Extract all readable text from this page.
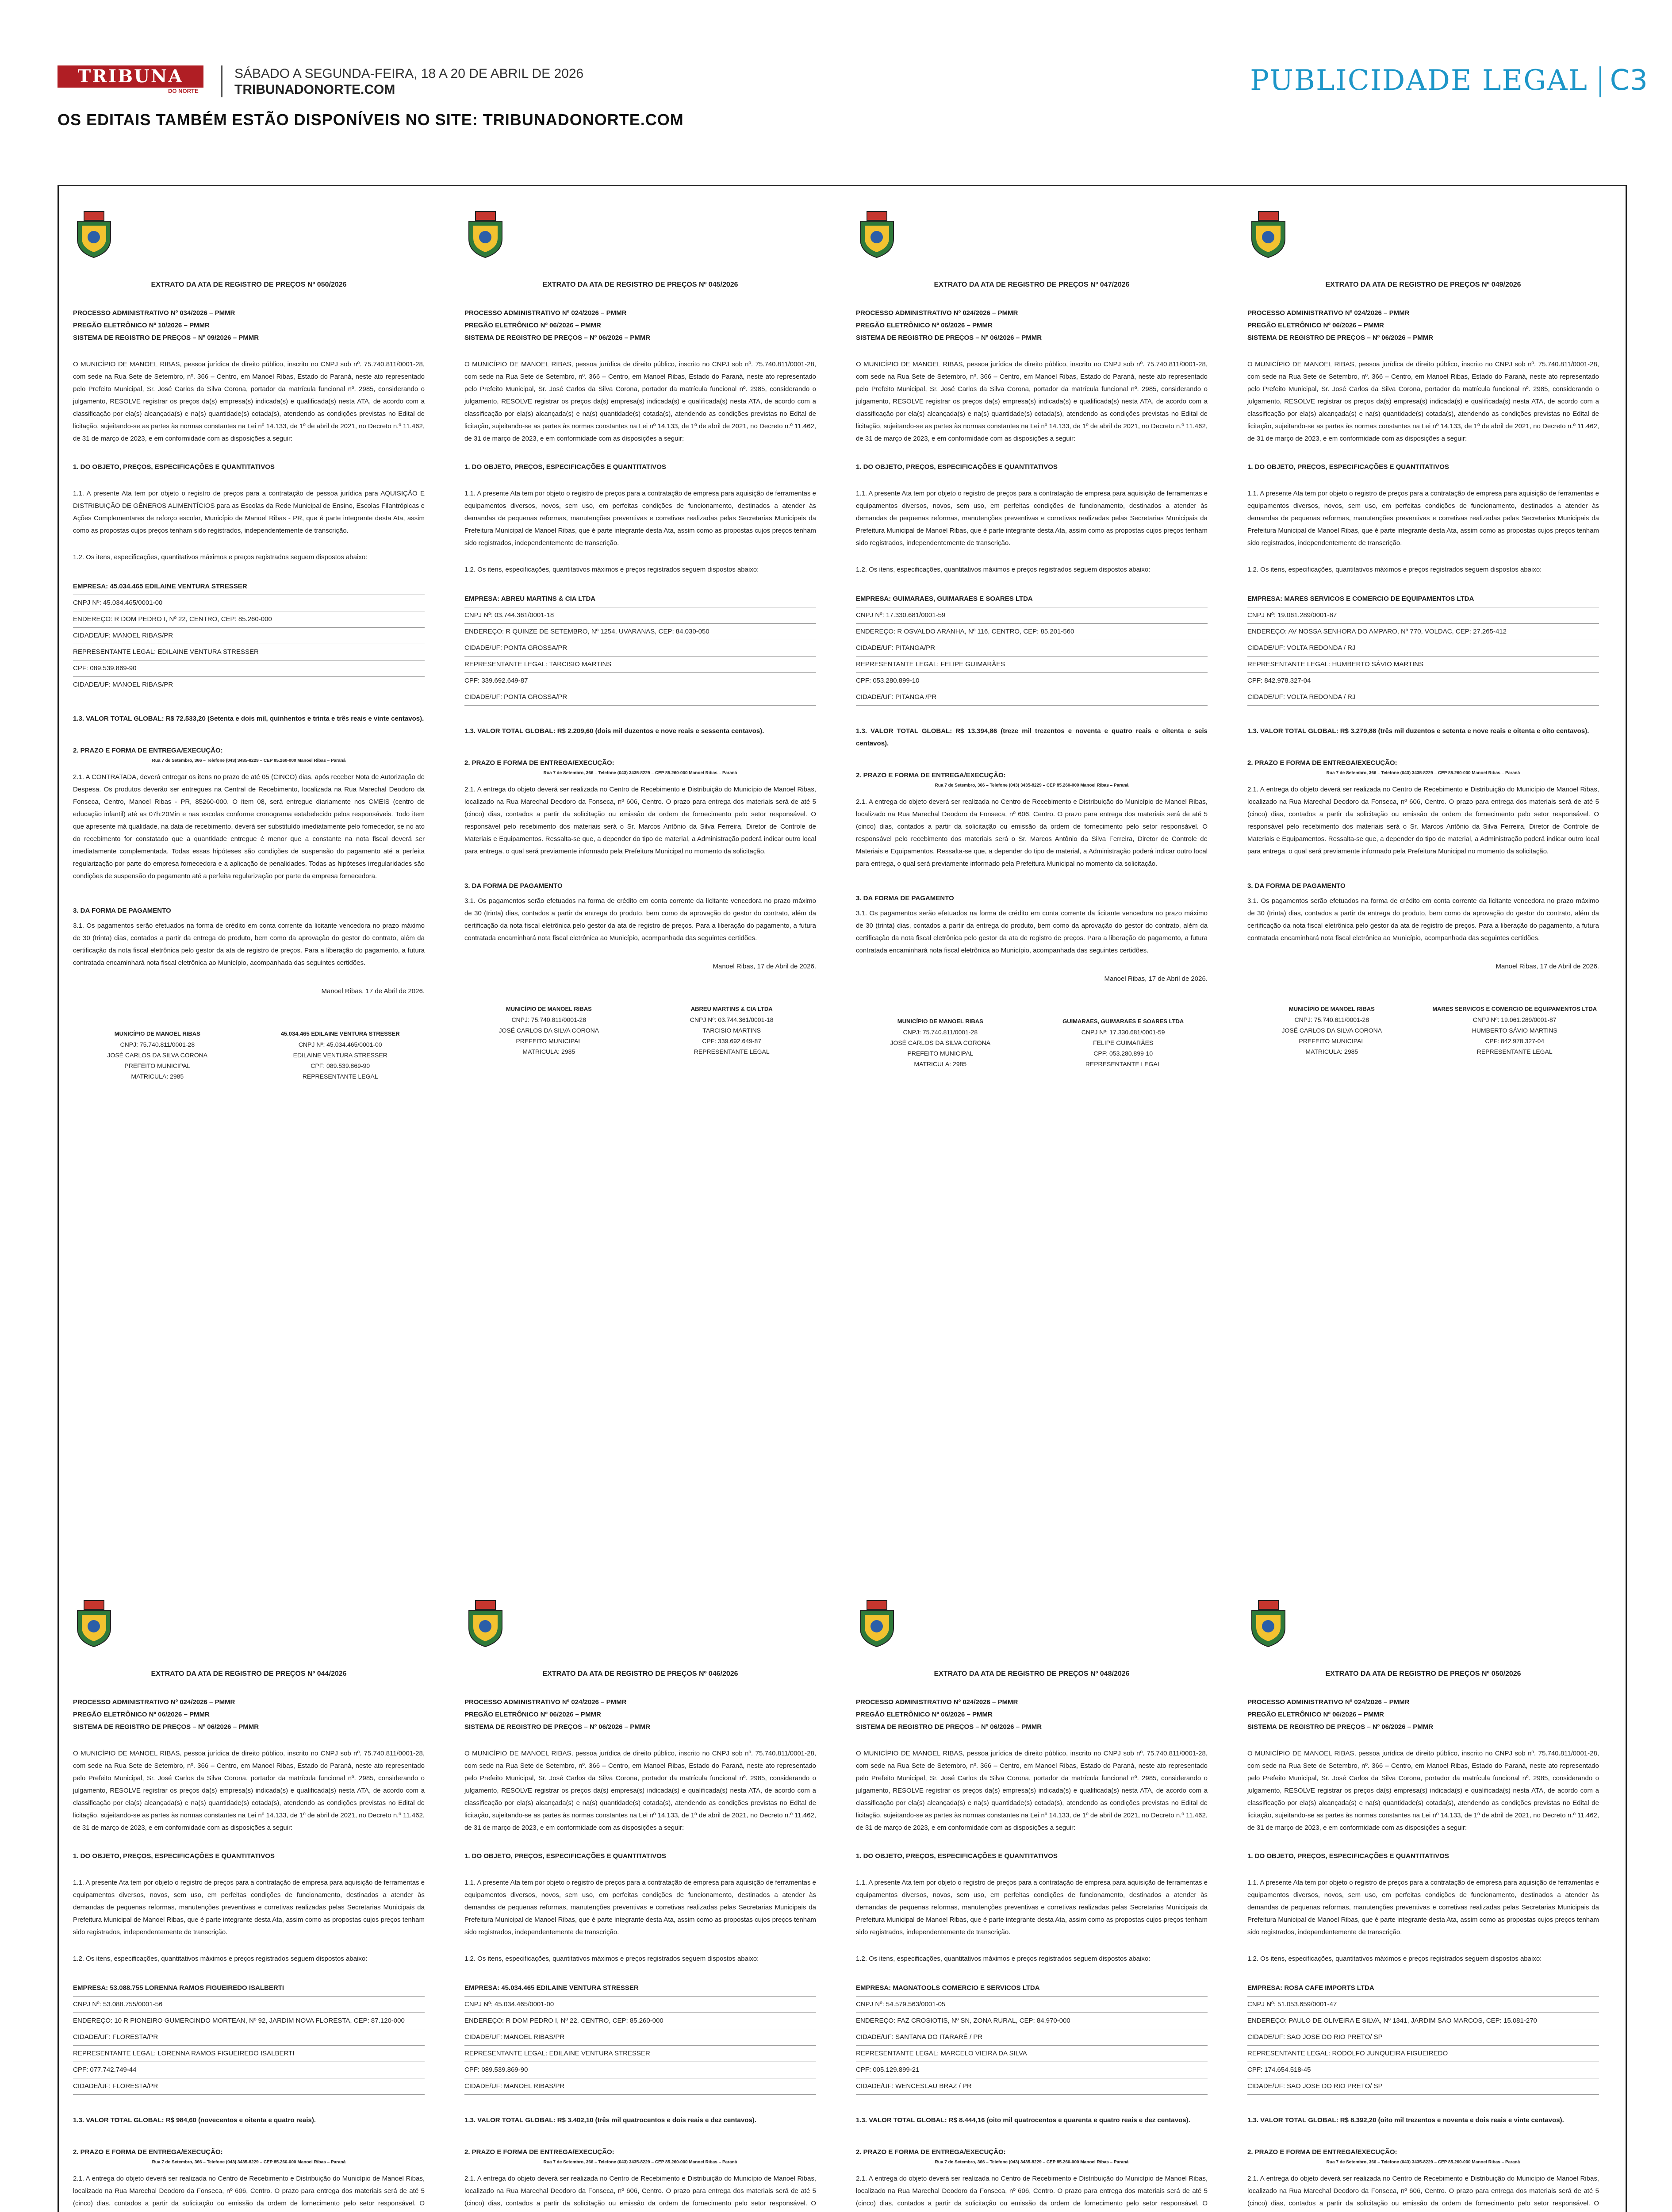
TRIBUNA
DO NORTE
SÁBADO A SEGUNDA-FEIRA, 18 A 20 DE ABRIL DE 2026
TRIBUNADONORTE.COM	PUBLICIDADE LEGAL C3
OS EDITAIS TAMBÉM ESTÃO DISPONÍVEIS NO SITE: TRIBUNADONORTE.COM
EXTRATO DA ATA DE REGISTRO DE PREÇOS Nº 050/2026

PROCESSO ADMINISTRATIVO Nº 034/2026 – PMMR

PREGÃO ELETRÔNICO Nº 10/2026 – PMMR

SISTEMA DE REGISTRO DE PREÇOS – Nº 09/2026 – PMMR

O MUNICÍPIO DE MANOEL RIBAS, pessoa jurídica de direito público, inscrito no CNPJ sob nº. 75.740.811/0001-28, com sede na Rua Sete de Setembro, nº. 366 – Centro, em Manoel Ribas, Estado do Paraná, neste ato representado pelo Prefeito Municipal, Sr. José Carlos da Silva Corona, portador da matrícula funcional nº. 2985, considerando o julgamento, RESOLVE registrar os preços da(s) empresa(s) indicada(s) e qualificada(s) nesta ATA, de acordo com a classificação por ela(s) alcançada(s) e na(s) quantidade(s) cotada(s), atendendo as condições previstas no Edital de licitação, sujeitando-se as partes às normas constantes na Lei nº 14.133, de 1º de abril de 2021, no Decreto n.º 11.462, de 31 de março de 2023, e em conformidade com as disposições a seguir:

1. DO OBJETO, PREÇOS, ESPECIFICAÇÕES E QUANTITATIVOS

1.1. A presente Ata tem por objeto o registro de preços para a contratação de pessoa jurídica para AQUISIÇÃO E DISTRIBUIÇÃO DE GÊNEROS ALIMENTÍCIOS para as Escolas da Rede Municipal de Ensino, Escolas Filantrópicas e Ações Complementares de reforço escolar, Município de Manoel Ribas - PR, que é parte integrante desta Ata, assim como as propostas cujos preços tenham sido registrados, independentemente de transcrição.

1.2. Os itens, especificações, quantitativos máximos e preços registrados seguem dispostos abaixo:

EMPRESA: 45.034.465 EDILAINE VENTURA STRESSER

CNPJ Nº: 45.034.465/0001-00

ENDEREÇO: R DOM PEDRO I, Nº 22, CENTRO, CEP: 85.260-000

CIDADE/UF: MANOEL RIBAS/PR

REPRESENTANTE LEGAL: EDILAINE VENTURA STRESSER

CPF: 089.539.869-90

CIDADE/UF: MANOEL RIBAS/PR

1.3. VALOR TOTAL GLOBAL: R$ 72.533,20 (Setenta e dois mil, quinhentos e trinta e três reais e vinte centavos).

2. PRAZO E FORMA DE ENTREGA/EXECUÇÃO:
Rua 7 de Setembro, 366 – Telefone (043) 3435-8229 – CEP 85.260-000 Manoel Ribas – Paraná

2.1. A CONTRATADA, deverá entregar os itens no prazo de até 05 (CINCO) dias, após receber Nota de Autorização de Despesa. Os produtos deverão ser entregues na Central de Recebimento, localizada na Rua Marechal Deodoro da Fonseca, Centro, Manoel Ribas - PR, 85260-000. O item 08, será entregue diariamente nos CMEIS (centro de educação infantil) até as 07h:20Min e nas escolas conforme cronograma estabelecido pelos responsáveis. Todo item que apresente má qualidade, na data de recebimento, deverá ser substituído imediatamente pelo fornecedor, se no ato do recebimento for constatado que a quantidade entregue é menor que a constante na nota fiscal deverá ser imediatamente complementada. Todas essas hipóteses são condições de suspensão do pagamento até a perfeita regularização por parte do empresa fornecedora e a aplicação de penalidades. Todas as hipóteses irregularidades são condições de suspensão do pagamento até a perfeita regularização por parte da empresa fornecedora.

3. DA FORMA DE PAGAMENTO

3.1. Os pagamentos serão efetuados na forma de crédito em conta corrente da licitante vencedora no prazo máximo de 30 (trinta) dias, contados a partir da entrega do produto, bem como da aprovação do gestor do contrato, além da certificação da nota fiscal eletrônica pelo gestor da ata de registro de preços. Para a liberação do pagamento, a futura contratada encaminhará nota fiscal eletrônica ao Município, acompanhada das seguintes certidões.

Manoel Ribas, 17 de Abril de 2026.
MUNICÍPIO DE MANOEL RIBAS
CNPJ: 75.740.811/0001-28
JOSÉ CARLOS DA SILVA CORONA
PREFEITO MUNICIPAL
MATRICULA: 2985
45.034.465 EDILAINE VENTURA STRESSER
CNPJ Nº: 45.034.465/0001-00
EDILAINE VENTURA STRESSER
CPF: 089.539.869-90
REPRESENTANTE LEGAL
EXTRATO DA ATA DE REGISTRO DE PREÇOS Nº 045/2026

PROCESSO ADMINISTRATIVO Nº 024/2026 – PMMR

PREGÃO ELETRÔNICO Nº 06/2026 – PMMR

SISTEMA DE REGISTRO DE PREÇOS – Nº 06/2026 – PMMR

O MUNICÍPIO DE MANOEL RIBAS, pessoa jurídica de direito público, inscrito no CNPJ sob nº. 75.740.811/0001-28, com sede na Rua Sete de Setembro, nº. 366 – Centro, em Manoel Ribas, Estado do Paraná, neste ato representado pelo Prefeito Municipal, Sr. José Carlos da Silva Corona, portador da matrícula funcional nº. 2985, considerando o julgamento, RESOLVE registrar os preços da(s) empresa(s) indicada(s) e qualificada(s) nesta ATA, de acordo com a classificação por ela(s) alcançada(s) e na(s) quantidade(s) cotada(s), atendendo as condições previstas no Edital de licitação, sujeitando-se as partes às normas constantes na Lei nº 14.133, de 1º de abril de 2021, no Decreto n.º 11.462, de 31 de março de 2023, e em conformidade com as disposições a seguir:

1. DO OBJETO, PREÇOS, ESPECIFICAÇÕES E QUANTITATIVOS

1.1. A presente Ata tem por objeto o registro de preços para a contratação de empresa para aquisição de ferramentas e equipamentos diversos, novos, sem uso, em perfeitas condições de funcionamento, destinados a atender às demandas de pequenas reformas, manutenções preventivas e corretivas realizadas pelas Secretarias Municipais da Prefeitura Municipal de Manoel Ribas, que é parte integrante desta Ata, assim como as propostas cujos preços tenham sido registrados, independentemente de transcrição.

1.2. Os itens, especificações, quantitativos máximos e preços registrados seguem dispostos abaixo:

EMPRESA: ABREU MARTINS & CIA LTDA

CNPJ Nº: 03.744.361/0001-18

ENDEREÇO: R QUINZE DE SETEMBRO, Nº 1254, UVARANAS, CEP: 84.030-050

CIDADE/UF: PONTA GROSSA/PR

REPRESENTANTE LEGAL: TARCISIO MARTINS

CPF: 339.692.649-87

CIDADE/UF: PONTA GROSSA/PR

1.3. VALOR TOTAL GLOBAL: R$ 2.209,60 (dois mil duzentos e nove reais e sessenta centavos).

2. PRAZO E FORMA DE ENTREGA/EXECUÇÃO:
Rua 7 de Setembro, 366 – Telefone (043) 3435-8229 – CEP 85.260-000 Manoel Ribas – Paraná

2.1. A entrega do objeto deverá ser realizada no Centro de Recebimento e Distribuição do Município de Manoel Ribas, localizado na Rua Marechal Deodoro da Fonseca, nº 606, Centro. O prazo para entrega dos materiais será de até 5 (cinco) dias, contados a partir da solicitação ou emissão da ordem de fornecimento pelo setor responsável. O responsável pelo recebimento dos materiais será o Sr. Marcos Antônio da Silva Ferreira, Diretor de Controle de Materiais e Equipamentos. Ressalta-se que, a depender do tipo de material, a Administração poderá indicar outro local para entrega, o qual será previamente informado pela Prefeitura Municipal no momento da solicitação.

3. DA FORMA DE PAGAMENTO

3.1. Os pagamentos serão efetuados na forma de crédito em conta corrente da licitante vencedora no prazo máximo de 30 (trinta) dias, contados a partir da entrega do produto, bem como da aprovação do gestor do contrato, além da certificação da nota fiscal eletrônica pelo gestor da ata de registro de preços. Para a liberação do pagamento, a futura contratada encaminhará nota fiscal eletrônica ao Município, acompanhada das seguintes certidões.

Manoel Ribas, 17 de Abril de 2026.
MUNICÍPIO DE MANOEL RIBAS
CNPJ: 75.740.811/0001-28
JOSÉ CARLOS DA SILVA CORONA
PREFEITO MUNICIPAL
MATRICULA: 2985
ABREU MARTINS & CIA LTDA
CNPJ Nº: 03.744.361/0001-18
TARCISIO MARTINS
CPF: 339.692.649-87
REPRESENTANTE LEGAL
EXTRATO DA ATA DE REGISTRO DE PREÇOS Nº 047/2026

PROCESSO ADMINISTRATIVO Nº 024/2026 – PMMR

PREGÃO ELETRÔNICO Nº 06/2026 – PMMR

SISTEMA DE REGISTRO DE PREÇOS – Nº 06/2026 – PMMR

O MUNICÍPIO DE MANOEL RIBAS, pessoa jurídica de direito público, inscrito no CNPJ sob nº. 75.740.811/0001-28, com sede na Rua Sete de Setembro, nº. 366 – Centro, em Manoel Ribas, Estado do Paraná, neste ato representado pelo Prefeito Municipal, Sr. José Carlos da Silva Corona, portador da matrícula funcional nº. 2985, considerando o julgamento, RESOLVE registrar os preços da(s) empresa(s) indicada(s) e qualificada(s) nesta ATA, de acordo com a classificação por ela(s) alcançada(s) e na(s) quantidade(s) cotada(s), atendendo as condições previstas no Edital de licitação, sujeitando-se as partes às normas constantes na Lei nº 14.133, de 1º de abril de 2021, no Decreto n.º 11.462, de 31 de março de 2023, e em conformidade com as disposições a seguir:

1. DO OBJETO, PREÇOS, ESPECIFICAÇÕES E QUANTITATIVOS

1.1. A presente Ata tem por objeto o registro de preços para a contratação de empresa para aquisição de ferramentas e equipamentos diversos, novos, sem uso, em perfeitas condições de funcionamento, destinados a atender às demandas de pequenas reformas, manutenções preventivas e corretivas realizadas pelas Secretarias Municipais da Prefeitura Municipal de Manoel Ribas, que é parte integrante desta Ata, assim como as propostas cujos preços tenham sido registrados, independentemente de transcrição.

1.2. Os itens, especificações, quantitativos máximos e preços registrados seguem dispostos abaixo:

EMPRESA: GUIMARAES, GUIMARAES E SOARES LTDA

CNPJ Nº: 17.330.681/0001-59

ENDEREÇO: R OSVALDO ARANHA, Nº 116, CENTRO, CEP: 85.201-560

CIDADE/UF: PITANGA/PR

REPRESENTANTE LEGAL: FELIPE GUIMARÃES

CPF: 053.280.899-10

CIDADE/UF: PITANGA /PR

1.3. VALOR TOTAL GLOBAL: R$ 13.394,86 (treze mil trezentos e noventa e quatro reais e oitenta e seis centavos).

2. PRAZO E FORMA DE ENTREGA/EXECUÇÃO:
Rua 7 de Setembro, 366 – Telefone (043) 3435-8229 – CEP 85.260-000 Manoel Ribas – Paraná

2.1. A entrega do objeto deverá ser realizada no Centro de Recebimento e Distribuição do Município de Manoel Ribas, localizado na Rua Marechal Deodoro da Fonseca, nº 606, Centro. O prazo para entrega dos materiais será de até 5 (cinco) dias, contados a partir da solicitação ou emissão da ordem de fornecimento pelo setor responsável. O responsável pelo recebimento dos materiais será o Sr. Marcos Antônio da Silva Ferreira, Diretor de Controle de Materiais e Equipamentos. Ressalta-se que, a depender do tipo de material, a Administração poderá indicar outro local para entrega, o qual será previamente informado pela Prefeitura Municipal no momento da solicitação.

3. DA FORMA DE PAGAMENTO

3.1. Os pagamentos serão efetuados na forma de crédito em conta corrente da licitante vencedora no prazo máximo de 30 (trinta) dias, contados a partir da entrega do produto, bem como da aprovação do gestor do contrato, além da certificação da nota fiscal eletrônica pelo gestor da ata de registro de preços. Para a liberação do pagamento, a futura contratada encaminhará nota fiscal eletrônica ao Município, acompanhada das seguintes certidões.

Manoel Ribas, 17 de Abril de 2026.
MUNICÍPIO DE MANOEL RIBAS
CNPJ: 75.740.811/0001-28
JOSÉ CARLOS DA SILVA CORONA
PREFEITO MUNICIPAL
MATRICULA: 2985
GUIMARAES, GUIMARAES E SOARES LTDA
CNPJ Nº: 17.330.681/0001-59
FELIPE GUIMARÃES
CPF: 053.280.899-10
REPRESENTANTE LEGAL
EXTRATO DA ATA DE REGISTRO DE PREÇOS Nº 049/2026

PROCESSO ADMINISTRATIVO Nº 024/2026 – PMMR

PREGÃO ELETRÔNICO Nº 06/2026 – PMMR

SISTEMA DE REGISTRO DE PREÇOS – Nº 06/2026 – PMMR

O MUNICÍPIO DE MANOEL RIBAS, pessoa jurídica de direito público, inscrito no CNPJ sob nº. 75.740.811/0001-28, com sede na Rua Sete de Setembro, nº. 366 – Centro, em Manoel Ribas, Estado do Paraná, neste ato representado pelo Prefeito Municipal, Sr. José Carlos da Silva Corona, portador da matrícula funcional nº. 2985, considerando o julgamento, RESOLVE registrar os preços da(s) empresa(s) indicada(s) e qualificada(s) nesta ATA, de acordo com a classificação por ela(s) alcançada(s) e na(s) quantidade(s) cotada(s), atendendo as condições previstas no Edital de licitação, sujeitando-se as partes às normas constantes na Lei nº 14.133, de 1º de abril de 2021, no Decreto n.º 11.462, de 31 de março de 2023, e em conformidade com as disposições a seguir:

1. DO OBJETO, PREÇOS, ESPECIFICAÇÕES E QUANTITATIVOS

1.1. A presente Ata tem por objeto o registro de preços para a contratação de empresa para aquisição de ferramentas e equipamentos diversos, novos, sem uso, em perfeitas condições de funcionamento, destinados a atender às demandas de pequenas reformas, manutenções preventivas e corretivas realizadas pelas Secretarias Municipais da Prefeitura Municipal de Manoel Ribas, que é parte integrante desta Ata, assim como as propostas cujos preços tenham sido registrados, independentemente de transcrição.

1.2. Os itens, especificações, quantitativos máximos e preços registrados seguem dispostos abaixo:

EMPRESA: MARES SERVICOS E COMERCIO DE EQUIPAMENTOS LTDA

CNPJ Nº: 19.061.289/0001-87

ENDEREÇO: AV NOSSA SENHORA DO AMPARO, Nº 770, VOLDAC, CEP: 27.265-412

CIDADE/UF: VOLTA REDONDA / RJ

REPRESENTANTE LEGAL: HUMBERTO SÁVIO MARTINS

CPF: 842.978.327-04

CIDADE/UF: VOLTA REDONDA / RJ

1.3. VALOR TOTAL GLOBAL: R$ 3.279,88 (três mil duzentos e setenta e nove reais e oitenta e oito centavos).

2. PRAZO E FORMA DE ENTREGA/EXECUÇÃO:
Rua 7 de Setembro, 366 – Telefone (043) 3435-8229 – CEP 85.260-000 Manoel Ribas – Paraná

2.1. A entrega do objeto deverá ser realizada no Centro de Recebimento e Distribuição do Município de Manoel Ribas, localizado na Rua Marechal Deodoro da Fonseca, nº 606, Centro. O prazo para entrega dos materiais será de até 5 (cinco) dias, contados a partir da solicitação ou emissão da ordem de fornecimento pelo setor responsável. O responsável pelo recebimento dos materiais será o Sr. Marcos Antônio da Silva Ferreira, Diretor de Controle de Materiais e Equipamentos. Ressalta-se que, a depender do tipo de material, a Administração poderá indicar outro local para entrega, o qual será previamente informado pela Prefeitura Municipal no momento da solicitação.

3. DA FORMA DE PAGAMENTO

3.1. Os pagamentos serão efetuados na forma de crédito em conta corrente da licitante vencedora no prazo máximo de 30 (trinta) dias, contados a partir da entrega do produto, bem como da aprovação do gestor do contrato, além da certificação da nota fiscal eletrônica pelo gestor da ata de registro de preços. Para a liberação do pagamento, a futura contratada encaminhará nota fiscal eletrônica ao Município, acompanhada das seguintes certidões.

Manoel Ribas, 17 de Abril de 2026.
MUNICÍPIO DE MANOEL RIBAS
CNPJ: 75.740.811/0001-28
JOSÉ CARLOS DA SILVA CORONA
PREFEITO MUNICIPAL
MATRICULA: 2985
MARES SERVICOS E COMERCIO DE EQUIPAMENTOS LTDA
CNPJ Nº: 19.061.289/0001-87
HUMBERTO SÁVIO MARTINS
CPF: 842.978.327-04
REPRESENTANTE LEGAL
EXTRATO DA ATA DE REGISTRO DE PREÇOS Nº 044/2026

PROCESSO ADMINISTRATIVO Nº 024/2026 – PMMR

PREGÃO ELETRÔNICO Nº 06/2026 – PMMR

SISTEMA DE REGISTRO DE PREÇOS – Nº 06/2026 – PMMR

O MUNICÍPIO DE MANOEL RIBAS, pessoa jurídica de direito público, inscrito no CNPJ sob nº. 75.740.811/0001-28, com sede na Rua Sete de Setembro, nº. 366 – Centro, em Manoel Ribas, Estado do Paraná, neste ato representado pelo Prefeito Municipal, Sr. José Carlos da Silva Corona, portador da matrícula funcional nº. 2985, considerando o julgamento, RESOLVE registrar os preços da(s) empresa(s) indicada(s) e qualificada(s) nesta ATA, de acordo com a classificação por ela(s) alcançada(s) e na(s) quantidade(s) cotada(s), atendendo as condições previstas no Edital de licitação, sujeitando-se as partes às normas constantes na Lei nº 14.133, de 1º de abril de 2021, no Decreto n.º 11.462, de 31 de março de 2023, e em conformidade com as disposições a seguir:

1. DO OBJETO, PREÇOS, ESPECIFICAÇÕES E QUANTITATIVOS

1.1. A presente Ata tem por objeto o registro de preços para a contratação de empresa para aquisição de ferramentas e equipamentos diversos, novos, sem uso, em perfeitas condições de funcionamento, destinados a atender às demandas de pequenas reformas, manutenções preventivas e corretivas realizadas pelas Secretarias Municipais da Prefeitura Municipal de Manoel Ribas, que é parte integrante desta Ata, assim como as propostas cujos preços tenham sido registrados, independentemente de transcrição.

1.2. Os itens, especificações, quantitativos máximos e preços registrados seguem dispostos abaixo:

EMPRESA: 53.088.755 LORENNA RAMOS FIGUEIREDO ISALBERTI

CNPJ Nº: 53.088.755/0001-56

ENDEREÇO: 10 R PIONEIRO GUMERCINDO MORTEAN, Nº 92, JARDIM NOVA FLORESTA, CEP: 87.120-000

CIDADE/UF: FLORESTA/PR

REPRESENTANTE LEGAL: LORENNA RAMOS FIGUEIREDO ISALBERTI

CPF: 077.742.749-44

CIDADE/UF: FLORESTA/PR

1.3. VALOR TOTAL GLOBAL: R$ 984,60 (novecentos e oitenta e quatro reais).

2. PRAZO E FORMA DE ENTREGA/EXECUÇÃO:
Rua 7 de Setembro, 366 – Telefone (043) 3435-8229 – CEP 85.260-000 Manoel Ribas – Paraná

2.1. A entrega do objeto deverá ser realizada no Centro de Recebimento e Distribuição do Município de Manoel Ribas, localizado na Rua Marechal Deodoro da Fonseca, nº 606, Centro. O prazo para entrega dos materiais será de até 5 (cinco) dias, contados a partir da solicitação ou emissão da ordem de fornecimento pelo setor responsável. O

EXTRATO DA ATA DE REGISTRO DE PREÇOS Nº 046/2026

PROCESSO ADMINISTRATIVO Nº 024/2026 – PMMR

PREGÃO ELETRÔNICO Nº 06/2026 – PMMR

SISTEMA DE REGISTRO DE PREÇOS – Nº 06/2026 – PMMR

O MUNICÍPIO DE MANOEL RIBAS, pessoa jurídica de direito público, inscrito no CNPJ sob nº. 75.740.811/0001-28, com sede na Rua Sete de Setembro, nº. 366 – Centro, em Manoel Ribas, Estado do Paraná, neste ato representado pelo Prefeito Municipal, Sr. José Carlos da Silva Corona, portador da matrícula funcional nº. 2985, considerando o julgamento, RESOLVE registrar os preços da(s) empresa(s) indicada(s) e qualificada(s) nesta ATA, de acordo com a classificação por ela(s) alcançada(s) e na(s) quantidade(s) cotada(s), atendendo as condições previstas no Edital de licitação, sujeitando-se as partes às normas constantes na Lei nº 14.133, de 1º de abril de 2021, no Decreto n.º 11.462, de 31 de março de 2023, e em conformidade com as disposições a seguir:

1. DO OBJETO, PREÇOS, ESPECIFICAÇÕES E QUANTITATIVOS

1.1. A presente Ata tem por objeto o registro de preços para a contratação de empresa para aquisição de ferramentas e equipamentos diversos, novos, sem uso, em perfeitas condições de funcionamento, destinados a atender às demandas de pequenas reformas, manutenções preventivas e corretivas realizadas pelas Secretarias Municipais da Prefeitura Municipal de Manoel Ribas, que é parte integrante desta Ata, assim como as propostas cujos preços tenham sido registrados, independentemente de transcrição.

1.2. Os itens, especificações, quantitativos máximos e preços registrados seguem dispostos abaixo:

EMPRESA: 45.034.465 EDILAINE VENTURA STRESSER

CNPJ Nº: 45.034.465/0001-00

ENDEREÇO: R DOM PEDRO I, Nº 22, CENTRO, CEP: 85.260-000

CIDADE/UF: MANOEL RIBAS/PR

REPRESENTANTE LEGAL: EDILAINE VENTURA STRESSER

CPF: 089.539.869-90

CIDADE/UF: MANOEL RIBAS/PR

1.3. VALOR TOTAL GLOBAL: R$ 3.402,10 (três mil quatrocentos e dois reais e dez centavos).

2. PRAZO E FORMA DE ENTREGA/EXECUÇÃO:
Rua 7 de Setembro, 366 – Telefone (043) 3435-8229 – CEP 85.260-000 Manoel Ribas – Paraná

2.1. A entrega do objeto deverá ser realizada no Centro de Recebimento e Distribuição do Município de Manoel Ribas, localizado na Rua Marechal Deodoro da Fonseca, nº 606, Centro. O prazo para entrega dos materiais será de até 5 (cinco) dias, contados a partir da solicitação ou emissão da ordem de fornecimento pelo setor responsável. O

EXTRATO DA ATA DE REGISTRO DE PREÇOS Nº 048/2026

PROCESSO ADMINISTRATIVO Nº 024/2026 – PMMR

PREGÃO ELETRÔNICO Nº 06/2026 – PMMR

SISTEMA DE REGISTRO DE PREÇOS – Nº 06/2026 – PMMR

O MUNICÍPIO DE MANOEL RIBAS, pessoa jurídica de direito público, inscrito no CNPJ sob nº. 75.740.811/0001-28, com sede na Rua Sete de Setembro, nº. 366 – Centro, em Manoel Ribas, Estado do Paraná, neste ato representado pelo Prefeito Municipal, Sr. José Carlos da Silva Corona, portador da matrícula funcional nº. 2985, considerando o julgamento, RESOLVE registrar os preços da(s) empresa(s) indicada(s) e qualificada(s) nesta ATA, de acordo com a classificação por ela(s) alcançada(s) e na(s) quantidade(s) cotada(s), atendendo as condições previstas no Edital de licitação, sujeitando-se as partes às normas constantes na Lei nº 14.133, de 1º de abril de 2021, no Decreto n.º 11.462, de 31 de março de 2023, e em conformidade com as disposições a seguir:

1. DO OBJETO, PREÇOS, ESPECIFICAÇÕES E QUANTITATIVOS

1.1. A presente Ata tem por objeto o registro de preços para a contratação de empresa para aquisição de ferramentas e equipamentos diversos, novos, sem uso, em perfeitas condições de funcionamento, destinados a atender às demandas de pequenas reformas, manutenções preventivas e corretivas realizadas pelas Secretarias Municipais da Prefeitura Municipal de Manoel Ribas, que é parte integrante desta Ata, assim como as propostas cujos preços tenham sido registrados, independentemente de transcrição.

1.2. Os itens, especificações, quantitativos máximos e preços registrados seguem dispostos abaixo:

EMPRESA: MAGNATOOLS COMERCIO E SERVICOS LTDA

CNPJ Nº: 54.579.563/0001-05

ENDEREÇO: FAZ CROSIOTIS, Nº SN, ZONA RURAL, CEP: 84.970-000

CIDADE/UF: SANTANA DO ITARARÉ / PR

REPRESENTANTE LEGAL: MARCELO VIEIRA DA SILVA

CPF: 005.129.899-21

CIDADE/UF: WENCESLAU BRAZ / PR

1.3. VALOR TOTAL GLOBAL: R$ 8.444,16 (oito mil quatrocentos e quarenta e quatro reais e dez centavos).

2. PRAZO E FORMA DE ENTREGA/EXECUÇÃO:
Rua 7 de Setembro, 366 – Telefone (043) 3435-8229 – CEP 85.260-000 Manoel Ribas – Paraná

2.1. A entrega do objeto deverá ser realizada no Centro de Recebimento e Distribuição do Município de Manoel Ribas, localizado na Rua Marechal Deodoro da Fonseca, nº 606, Centro. O prazo para entrega dos materiais será de até 5 (cinco) dias, contados a partir da solicitação ou emissão da ordem de fornecimento pelo setor responsável. O

EXTRATO DA ATA DE REGISTRO DE PREÇOS Nº 050/2026

PROCESSO ADMINISTRATIVO Nº 024/2026 – PMMR

PREGÃO ELETRÔNICO Nº 06/2026 – PMMR

SISTEMA DE REGISTRO DE PREÇOS – Nº 06/2026 – PMMR

O MUNICÍPIO DE MANOEL RIBAS, pessoa jurídica de direito público, inscrito no CNPJ sob nº. 75.740.811/0001-28, com sede na Rua Sete de Setembro, nº. 366 – Centro, em Manoel Ribas, Estado do Paraná, neste ato representado pelo Prefeito Municipal, Sr. José Carlos da Silva Corona, portador da matrícula funcional nº. 2985, considerando o julgamento, RESOLVE registrar os preços da(s) empresa(s) indicada(s) e qualificada(s) nesta ATA, de acordo com a classificação por ela(s) alcançada(s) e na(s) quantidade(s) cotada(s), atendendo as condições previstas no Edital de licitação, sujeitando-se as partes às normas constantes na Lei nº 14.133, de 1º de abril de 2021, no Decreto n.º 11.462, de 31 de março de 2023, e em conformidade com as disposições a seguir:

1. DO OBJETO, PREÇOS, ESPECIFICAÇÕES E QUANTITATIVOS

1.1. A presente Ata tem por objeto o registro de preços para a contratação de empresa para aquisição de ferramentas e equipamentos diversos, novos, sem uso, em perfeitas condições de funcionamento, destinados a atender às demandas de pequenas reformas, manutenções preventivas e corretivas realizadas pelas Secretarias Municipais da Prefeitura Municipal de Manoel Ribas, que é parte integrante desta Ata, assim como as propostas cujos preços tenham sido registrados, independentemente de transcrição.

1.2. Os itens, especificações, quantitativos máximos e preços registrados seguem dispostos abaixo:

EMPRESA: ROSA CAFE IMPORTS LTDA

CNPJ Nº: 51.053.659/0001-47

ENDEREÇO: PAULO DE OLIVEIRA E SILVA, Nº 1341, JARDIM SAO MARCOS, CEP: 15.081-270

CIDADE/UF: SAO JOSE DO RIO PRETO/ SP

REPRESENTANTE LEGAL: RODOLFO JUNQUEIRA FIGUEIREDO

CPF: 174.654.518-45

CIDADE/UF: SAO JOSE DO RIO PRETO/ SP

1.3. VALOR TOTAL GLOBAL: R$ 8.392,20 (oito mil trezentos e noventa e dois reais e vinte centavos).

2. PRAZO E FORMA DE ENTREGA/EXECUÇÃO:
Rua 7 de Setembro, 366 – Telefone (043) 3435-8229 – CEP 85.260-000 Manoel Ribas – Paraná

2.1. A entrega do objeto deverá ser realizada no Centro de Recebimento e Distribuição do Município de Manoel Ribas, localizado na Rua Marechal Deodoro da Fonseca, nº 606, Centro. O prazo para entrega dos materiais será de até 5 (cinco) dias, contados a partir da solicitação ou emissão da ordem de fornecimento pelo setor responsável. O
